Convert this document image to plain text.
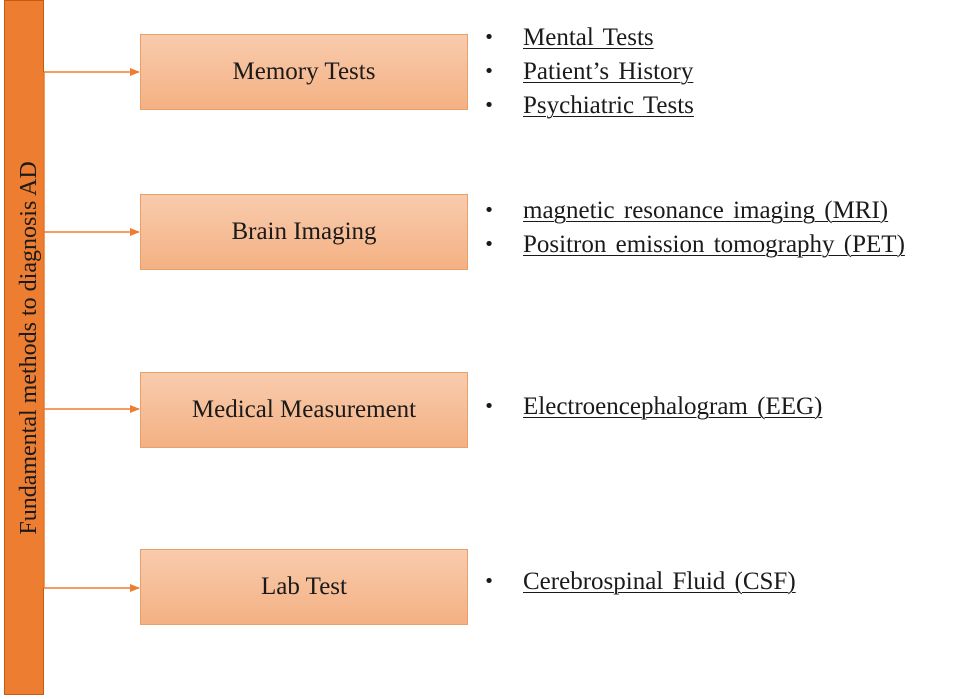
Fundamental methods to diagnosis AD
Memory Tests
• Mental Tests
• Patient’s History
• Psychiatric Tests
Brain Imaging
• magnetic resonance imaging (MRI)
• Positron emission tomography (PET)
Medical Measurement	• Electroencephalogram (EEG)
Lab Test	• Cerebrospinal Fluid (CSF)
